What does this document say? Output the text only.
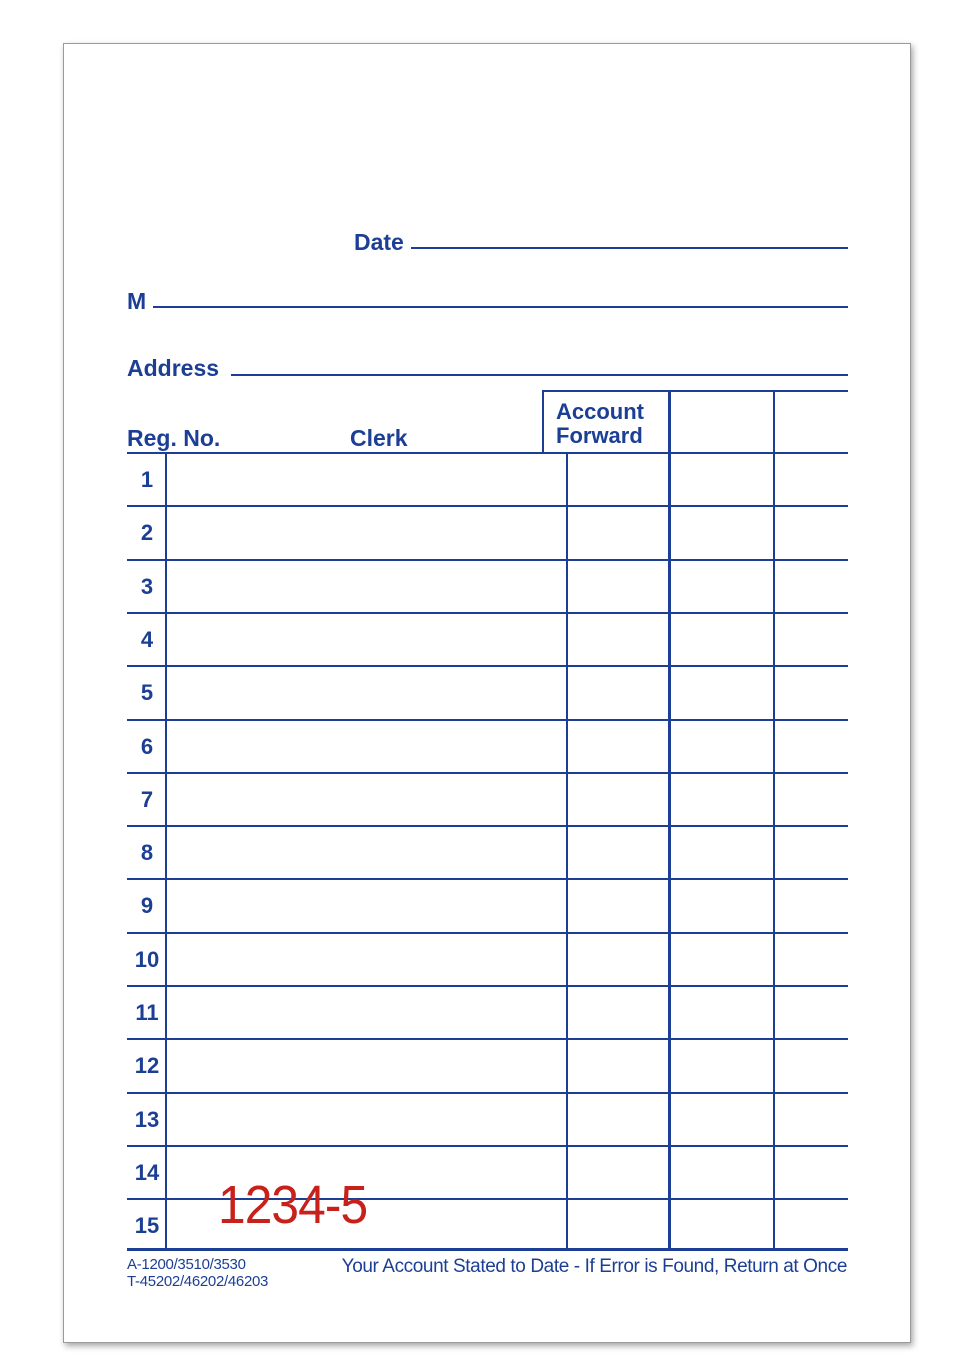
Date
M
Address
Reg. No.	Clerk
Account
Forward
1
2
3
4
5
6
7
8
9
10
11
12
13
14
15 1234-5
A-1200/3510/3530
T-45202/46202/46203
Your Account Stated to Date - If Error is Found, Return at Once
